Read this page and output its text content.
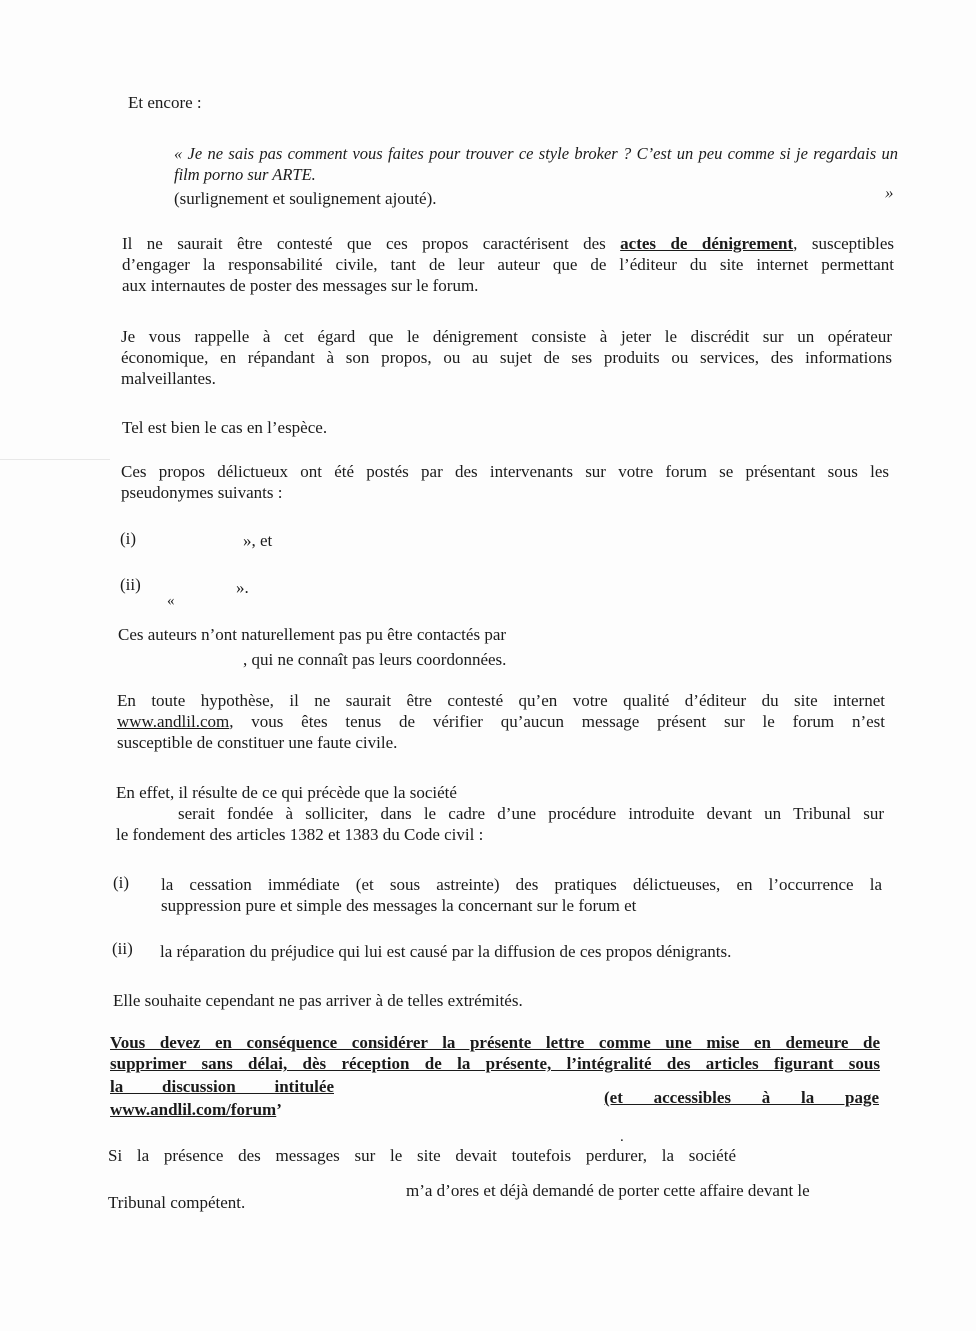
Et encore :

« Je ne sais pas comment vous faites pour trouver ce style broker ? C’est un peu comme si je regardais un
film porno sur ARTE.

»

(surlignement et soulignement ajouté).

Il ne saurait être contesté que ces propos caractérisent des actes de dénigrement, susceptibles
d’engager la responsabilité civile, tant de leur auteur que de l’éditeur du site internet permettant
aux internautes de poster des messages sur le forum.
Je vous rappelle à cet égard que le dénigrement consiste à jeter le discrédit sur un opérateur
économique, en répandant à son propos, ou au sujet de ses produits ou services, des informations
malveillantes.

Tel est bien le cas en l’espèce.

Ces propos délictueux ont été postés par des intervenants sur votre forum se présentant sous les
pseudonymes suivants :

(i)	», et

(ii)

«

».

Ces auteurs n’ont naturellement pas pu être contactés par

, qui ne connaît pas leurs coordonnées.

En toute hypothèse, il ne saurait être contesté qu’en votre qualité d’éditeur du site internet
www.andlil.com, vous êtes tenus de vérifier qu’aucun message présent sur le forum n’est
susceptible de constituer une faute civile.

En effet, il résulte de ce qui précède que la société

serait fondée à solliciter, dans le cadre d’une procédure introduite devant un Tribunal sur
le fondement des articles 1382 et 1383 du Code civil :

(i) la cessation immédiate (et sous astreinte) des pratiques délictueuses, en l’occurrence la
suppression pure et simple des messages la concernant sur le forum et

(ii) la réparation du préjudice qui lui est causé par la diffusion de ces propos dénigrants.

Elle souhaite cependant ne pas arriver à de telles extrémités.

Vous devez en conséquence considérer la présente lettre comme une mise en demeure de
supprimer sans délai, dès réception de la présente, l’intégralité des articles figurant sous

la discussion intitulée

(et accessibles à la page

www.andlil.com/forum’

.

Si la présence des messages sur le site devait toutefois perdurer, la société

m’a d’ores et déjà demandé de porter cette affaire devant le

Tribunal compétent.
